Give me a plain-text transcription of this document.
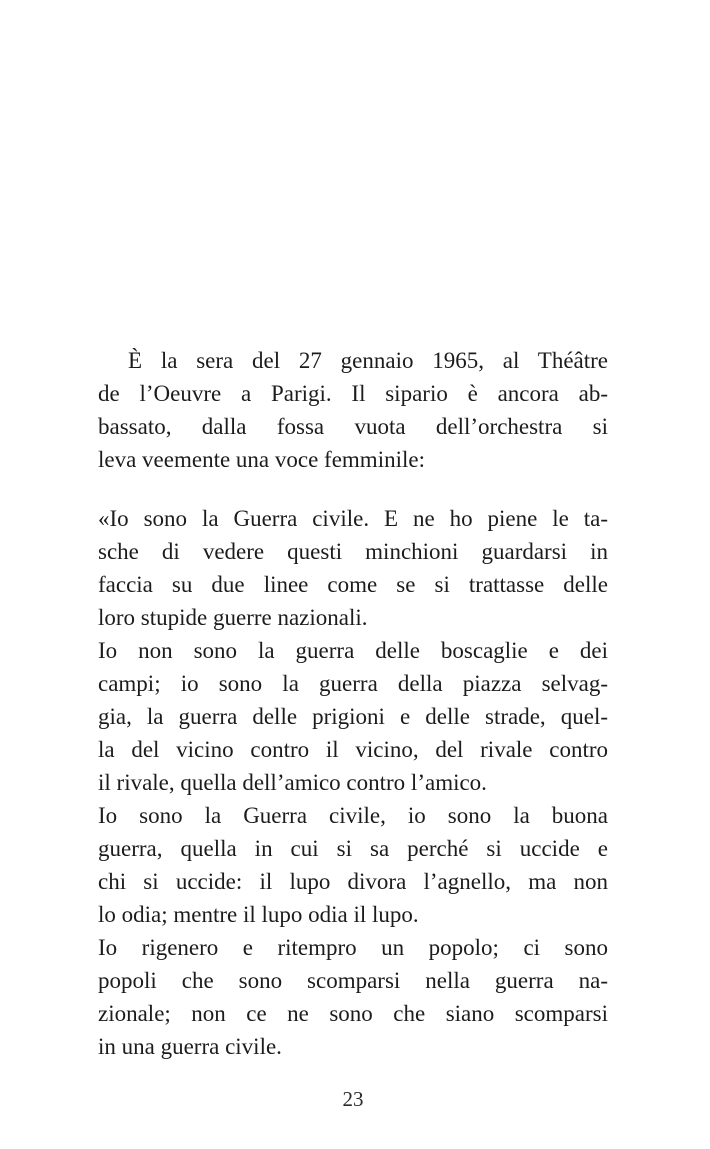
È la sera del 27 gennaio 1965, al Théâtre
de l’Oeuvre a Parigi. Il sipario è ancora ab-
bassato, dalla fossa vuota dell’orchestra si
leva veemente una voce femminile:
«Io sono la Guerra civile. E ne ho piene le ta-
sche di vedere questi minchioni guardarsi in
faccia su due linee come se si trattasse delle
loro stupide guerre nazionali.
Io non sono la guerra delle boscaglie e dei
campi; io sono la guerra della piazza selvag-
gia, la guerra delle prigioni e delle strade, quel-
la del vicino contro il vicino, del rivale contro
il rivale, quella dell’amico contro l’amico.
Io sono la Guerra civile, io sono la buona
guerra, quella in cui si sa perché si uccide e
chi si uccide: il lupo divora l’agnello, ma non
lo odia; mentre il lupo odia il lupo.
Io rigenero e ritempro un popolo; ci sono
popoli che sono scomparsi nella guerra na-
zionale; non ce ne sono che siano scomparsi
in una guerra civile.
23
